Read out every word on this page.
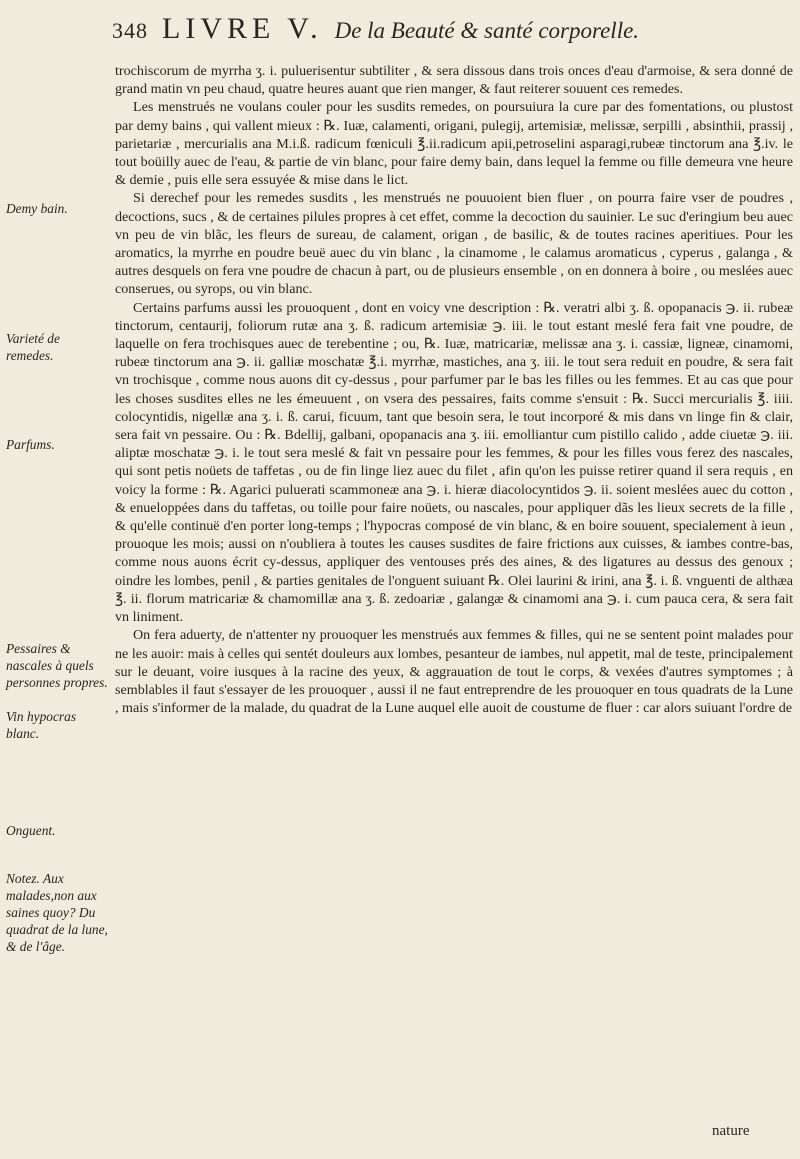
348 LIVRE V. De la Beauté & santé corporelle.
Demy bain.
Varieté de remedes.
Parfums.
Pessaires & nascales à quels personnes propres.
Vin hypocras blanc.
Onguent.
Notez. Aux malades,non aux saines quoy? Du quadrat de la lune, & de l'âge.

trochiscorum de myrrha ʒ. i. puluerisentur subtiliter , & sera dissous dans trois onces d'eau d'armoise, & sera donné de grand matin vn peu chaud, quatre heures auant que rien manger, & faut reiterer souuent ces remedes.

Les menstrués ne voulans couler pour les susdits remedes, on poursuiura la cure par des fomentations, ou plustost par demy bains , qui vallent mieux : ℞. Iuæ, calamenti, origani, pulegij, artemisiæ, melissæ, serpilli , absinthii, prassij , parietariæ , mercurialis ana M.i.ß. radicum fœniculi ℥.ii.radicum apii,petroselini asparagi,rubeæ tinctorum ana ℥.iv. le tout boüilly auec de l'eau, & partie de vin blanc, pour faire demy bain, dans lequel la femme ou fille demeura vne heure & demie , puis elle sera essuyée & mise dans le lict.

Si derechef pour les remedes susdits , les menstrués ne pouuoient bien fluer , on pourra faire vser de poudres , decoctions, sucs , & de certaines pilules propres à cet effet, comme la decoction du sauinier. Le suc d'eringium beu auec vn peu de vin blãc, les fleurs de sureau, de calament, origan , de basilic, & de toutes racines aperitiues. Pour les aromatics, la myrrhe en poudre beuë auec du vin blanc , la cinamome , le calamus aromaticus , cyperus , galanga , & autres desquels on fera vne poudre de chacun à part, ou de plusieurs ensemble , on en donnera à boire , ou meslées auec conserues, ou syrops, ou vin blanc.

Certains parfums aussi les prouoquent , dont en voicy vne description : ℞. veratri albi ʒ. ß. opopanacis ℈. ii. rubeæ tinctorum, centaurij, foliorum rutæ ana ʒ. ß. radicum artemisiæ ℈. iii. le tout estant meslé fera fait vne poudre, de laquelle on fera trochisques auec de terebentine ; ou, ℞. Iuæ, matricariæ, melissæ ana ʒ. i. cassiæ, ligneæ, cinamomi, rubeæ tinctorum ana ℈. ii. galliæ moschatæ ℥.i. myrrhæ, mastiches, ana ʒ. iii. le tout sera reduit en poudre, & sera fait vn trochisque , comme nous auons dit cy-dessus , pour parfumer par le bas les filles ou les femmes. Et au cas que pour les choses susdites elles ne les émeuuent , on vsera des pessaires, faits comme s'ensuit : ℞. Succi mercurialis ℥. iiii. colocyntidis, nigellæ ana ʒ. i. ß. carui, ficuum, tant que besoin sera, le tout incorporé & mis dans vn linge fin & clair, sera fait vn pessaire. Ou : ℞. Bdellij, galbani, opopanacis ana ʒ. iii. emolliantur cum pistillo calido , adde ciuetæ ℈. iii. aliptæ moschatæ ℈. i. le tout sera meslé & fait vn pessaire pour les femmes, & pour les filles vous ferez des nascales, qui sont petis noüets de taffetas , ou de fin linge liez auec du filet , afin qu'on les puisse retirer quand il sera requis , en voicy la forme : ℞. Agarici puluerati scammoneæ ana ℈. i. hieræ diacolocyntidos ℈. ii. soient meslées auec du cotton , & enueloppées dans du taffetas, ou toille pour faire noüets, ou nascales, pour appliquer dãs les lieux secrets de la fille , & qu'elle continuë d'en porter long-temps ; l'hypocras composé de vin blanc, & en boire souuent, specialement à ieun , prouoque les mois; aussi on n'oubliera à toutes les causes susdites de faire frictions aux cuisses, & iambes contre-bas, comme nous auons écrit cy-dessus, appliquer des ventouses prés des aines, & des ligatures au dessus des genoux ; oindre les lombes, penil , & parties genitales de l'onguent suiuant ℞. Olei laurini & irini, ana ℥. i. ß. vnguenti de althæa ℥. ii. florum matricariæ & chamomillæ ana ʒ. ß. zedoariæ , galangæ & cinamomi ana ℈. i. cum pauca cera, & sera fait vn liniment.

On fera aduerty, de n'attenter ny prouoquer les menstrués aux femmes & filles, qui ne se sentent point malades pour ne les auoir: mais à celles qui sentét douleurs aux lombes, pesanteur de iambes, nul appetit, mal de teste, principalement sur le deuant, voire iusques à la racine des yeux, & aggrauation de tout le corps, & vexées d'autres symptomes ; à semblables il faut s'essayer de les prouoquer , aussi il ne faut entreprendre de les prouoquer en tous quadrats de la Lune , mais s'informer de la malade, du quadrat de la Lune auquel elle auoit de coustume de fluer : car alors suiuant l'ordre de

nature
